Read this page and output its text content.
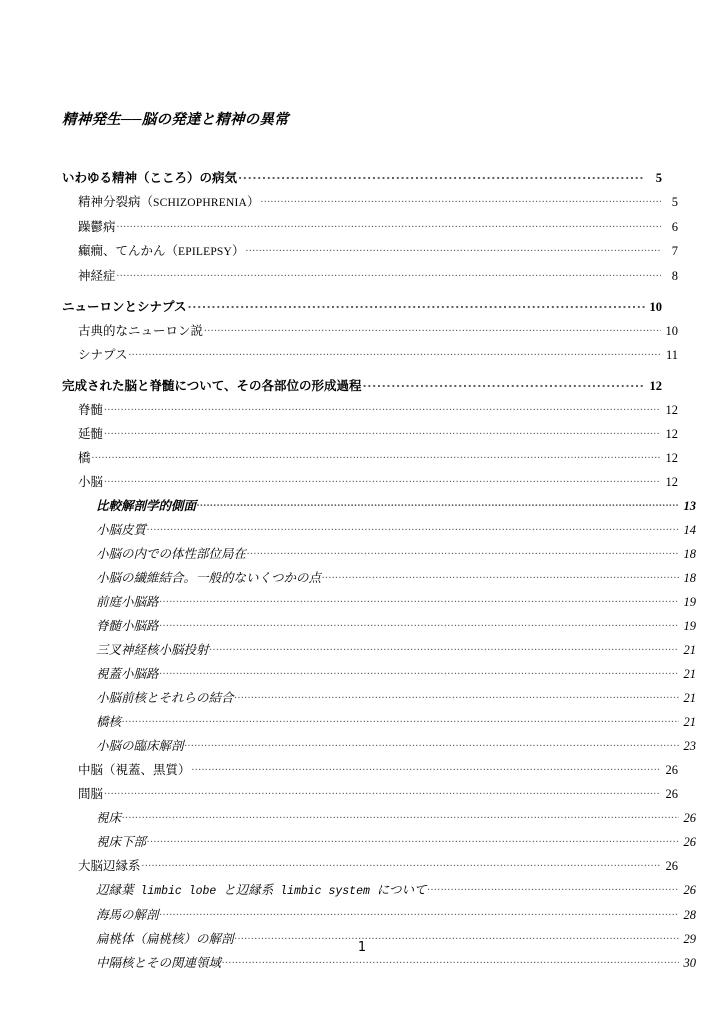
精神発生──脳の発達と精神の異常
いわゆる精神（こころ）の病気 .....	5
精神分裂病（SCHIZOPHRENIA） .....	5
躁鬱病 .....	6
癲癇、てんかん（EPILEPSY） .....	7
神経症 .....	8
ニューロンとシナプス .....	10
古典的なニューロン説 .....	10
シナプス .....	11
完成された脳と脊髄について、その各部位の形成過程 .....	12
脊髄 .....	12
延髄 .....	12
橋 .....	12
小脳 .....	12
比較解剖学的側面 .....	13
小脳皮質 .....	14
小脳の内での体性部位局在 .....	18
小脳の繊維結合。一般的ないくつかの点 .....	18
前庭小脳路 .....	19
脊髄小脳路 .....	19
三叉神経核小脳投射 .....	21
視蓋小脳路 .....	21
小脳前核とそれらの結合 .....	21
橋核 .....	21
小脳の臨床解剖 .....	23
中脳（視蓋、黒質） .....	26
間脳 .....	26
視床 .....	26
視床下部 .....	26
大脳辺縁系 .....	26
辺縁葉 limbic lobe と辺縁系 limbic system について .....	26
海馬の解剖 .....	28
扁桃体（扁桃核）の解剖 .....	29
中隔核とその関連領域 .....	30
1
